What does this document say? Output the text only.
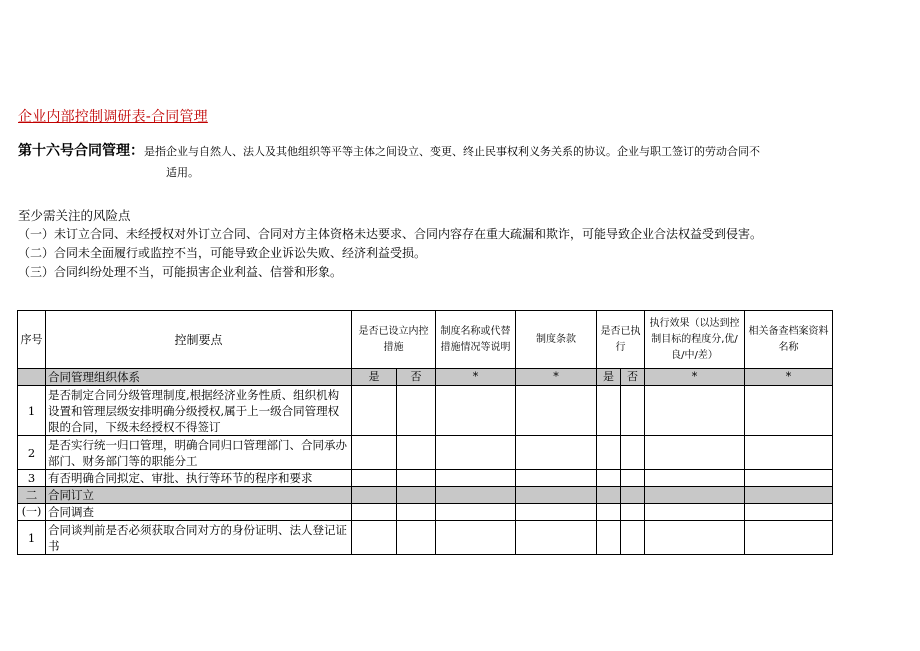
企业内部控制调研表-合同管理
第十六号合同管理：是指企业与自然人、法人及其他组织等平等主体之间设立、变更、终止民事权利义务关系的协议。企业与职工签订的劳动合同不
适用。

至少需关注的风险点

（一）未订立合同、未经授权对外订立合同、合同对方主体资格未达要求、合同内容存在重大疏漏和欺诈，可能导致企业合法权益受到侵害。

（二）合同未全面履行或监控不当，可能导致企业诉讼失败、经济利益受损。

（三）合同纠纷处理不当，可能损害企业利益、信誉和形象。

序号	控制要点	是否已设立内控措施		制度名称或代替措施情况等说明	制度条款	是否已执行		执行效果（以达到控制目标的程度分,优/良/中/差）	相关备查档案资料名称
	合同管理组织体系	是	否	*	*	是	否	*	*
1	是否制定合同分级管理制度,根据经济业务性质、组织机构设置和管理层级安排明确分级授权,属于上一级合同管理权限的合同，下级未经授权不得签订								
2	是否实行统一归口管理，明确合同归口管理部门、合同承办部门、财务部门等的职能分工								
3	有否明确合同拟定、审批、执行等环节的程序和要求								
二	合同订立								
(一)	合同调查								
1	合同谈判前是否必须获取合同对方的身份证明、法人登记证书								
